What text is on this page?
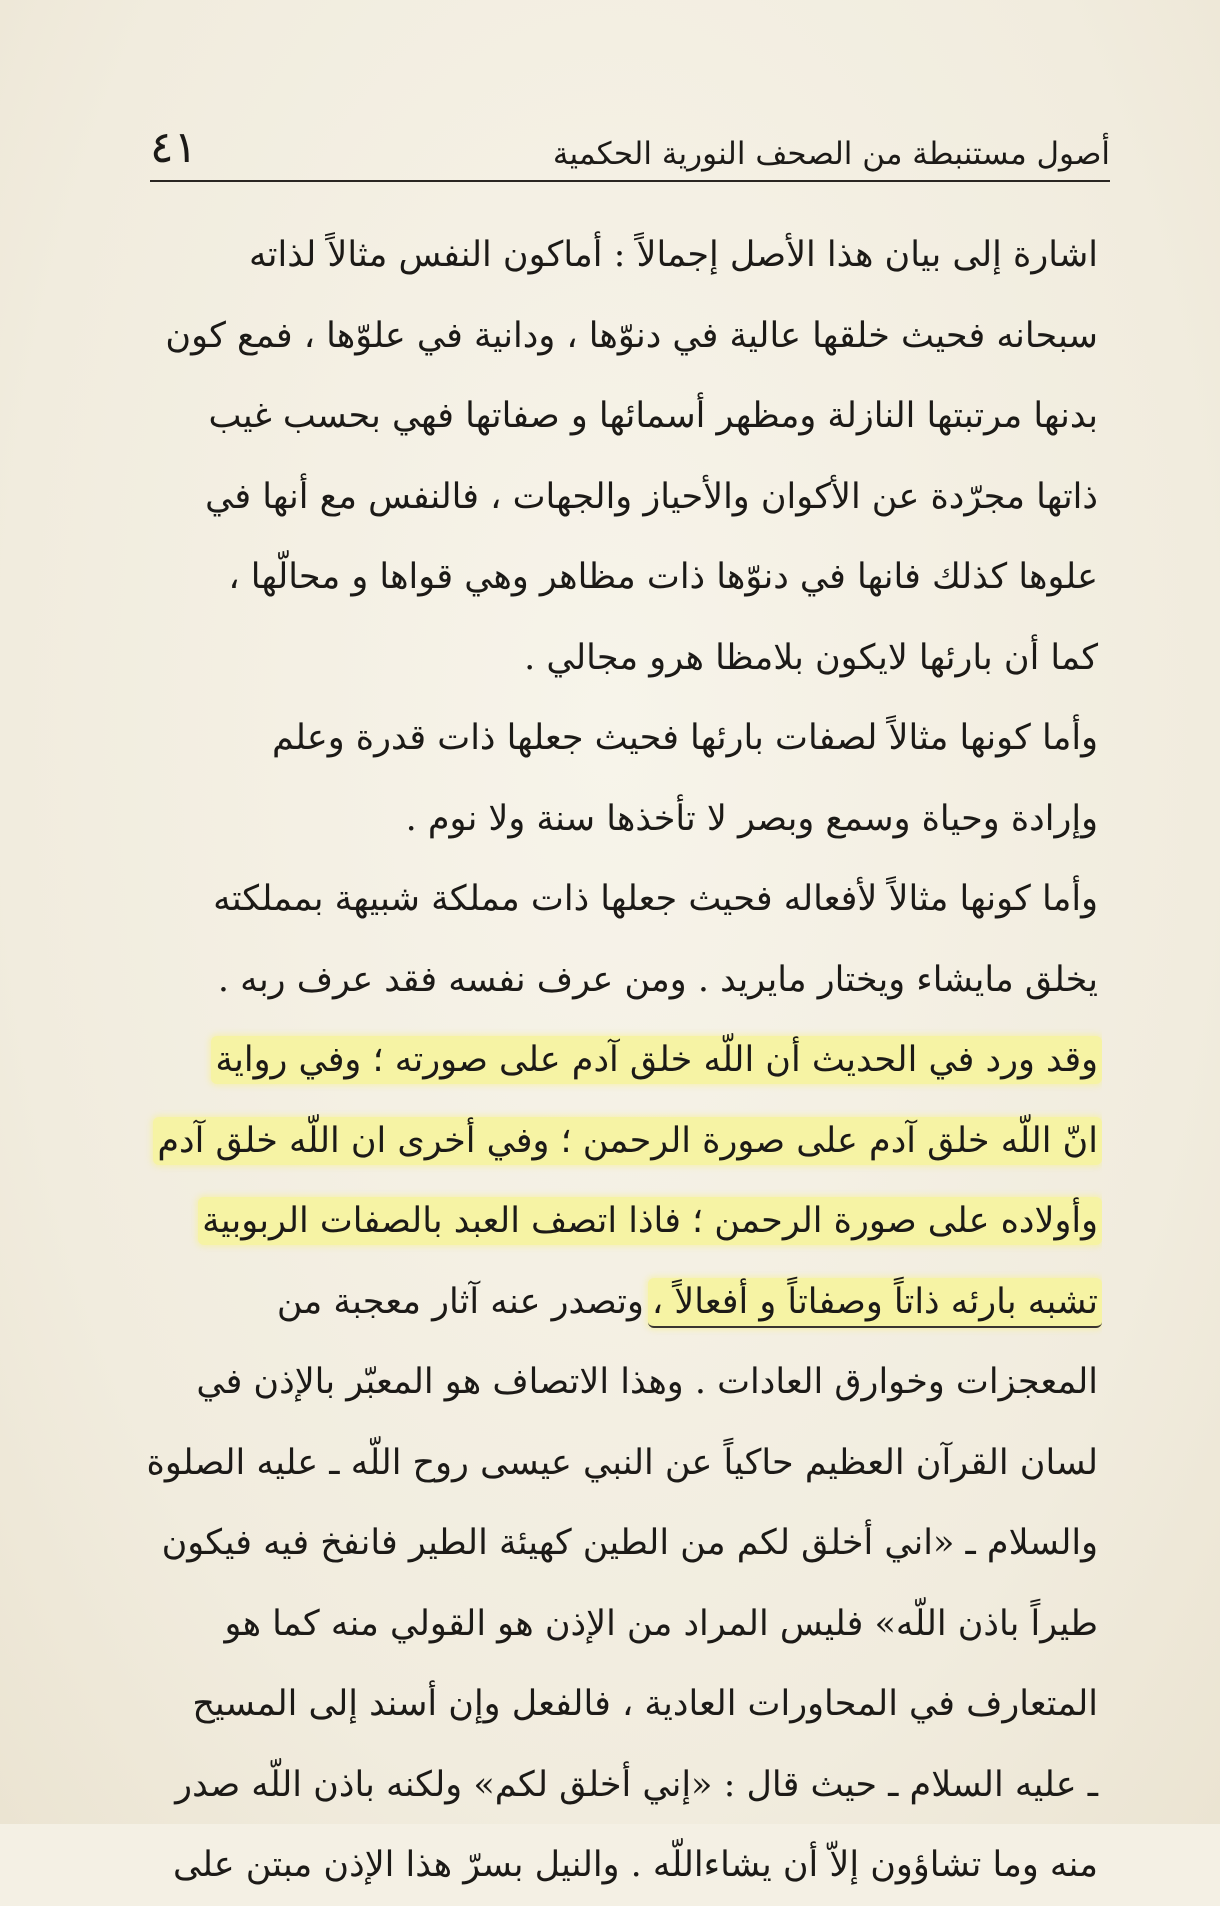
أصول مستنبطة من الصحف النورية الحكمية
٤١
اشارة إلى بيان هذا الأصل إجمالاً : أماكون النفس مثالاً لذاته
سبحانه فحيث خلقها عالية في دنوّها ، ودانية في علوّها ، فمع كون
بدنها مرتبتها النازلة ومظهر أسمائها و صفاتها فهي بحسب غيب
ذاتها مجرّدة عن الأكوان والأحياز والجهات ، فالنفس مع أنها في
علوها كذلك فانها في دنوّها ذات مظاهر وهي قواها و محالّها ،
كما أن بارئها لايكون بلامظا هرو مجالي .
وأما كونها مثالاً لصفات بارئها فحيث جعلها ذات قدرة وعلم
وإرادة وحياة وسمع وبصر لا تأخذها سنة ولا نوم .
وأما كونها مثالاً لأفعاله فحيث جعلها ذات مملكة شبيهة بمملكته
يخلق مايشاء ويختار مايريد . ومن عرف نفسه فقد عرف ربه .
وقد ورد في الحديث أن اللّه خلق آدم على صورته ؛ وفي رواية
انّ اللّه خلق آدم على صورة الرحمن ؛ وفي أخرى ان اللّه خلق آدم
وأولاده على صورة الرحمن ؛ فاذا اتصف العبد بالصفات الربوبية
تشبه بارئه ذاتاً وصفاتاً و أفعالاً ،وتصدر عنه آثار معجبة من
المعجزات وخوارق العادات . وهذا الاتصاف هو المعبّر بالإذن في
لسان القرآن العظيم حاكياً عن النبي عيسى روح اللّه ـ عليه الصلوة
والسلام ـ «اني أخلق لكم من الطين كهيئة الطير فانفخ فيه فيكون
طيراً باذن اللّه» فليس المراد من الإذن هو القولي منه كما هو
المتعارف في المحاورات العادية ، فالفعل وإن أسند إلى المسيح
ـ عليه السلام ـ حيث قال : «إني أخلق لكم» ولكنه باذن اللّه صدر
منه وما تشاؤون إلاّ أن يشاءاللّه . والنيل بسرّ هذا الإذن مبتن على
